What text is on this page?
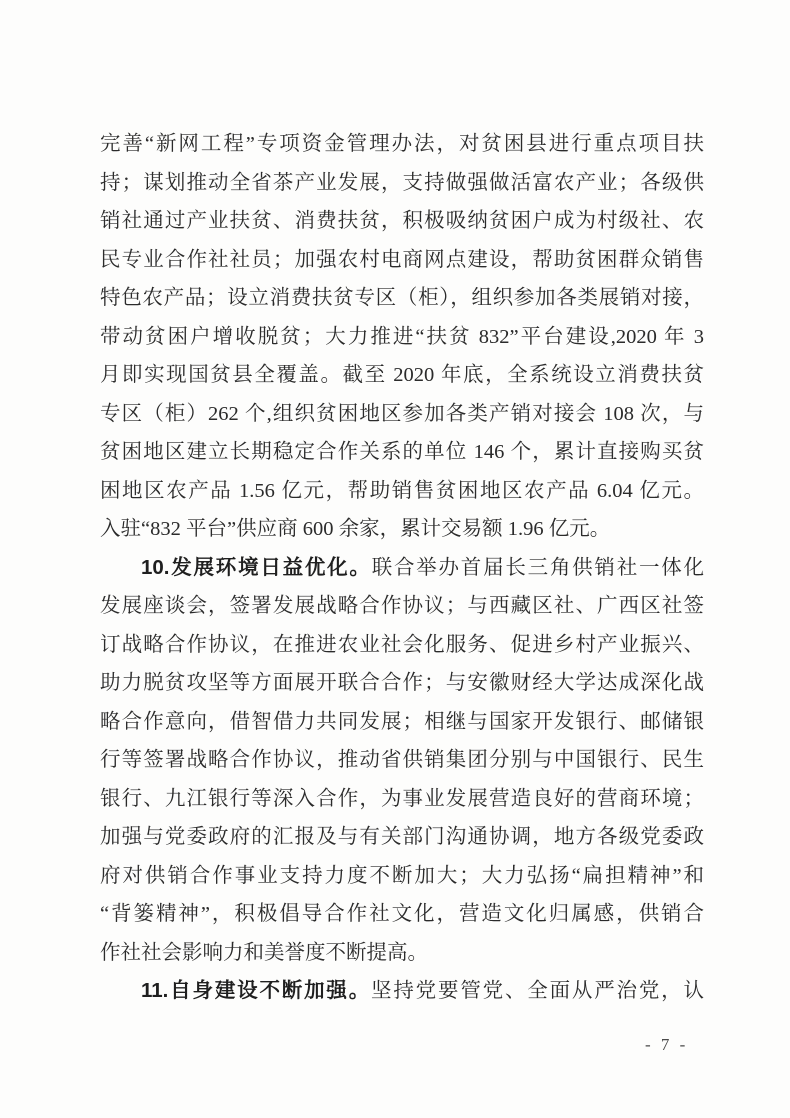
完善“新网工程”专项资金管理办法，对贫困县进行重点项目扶
持；谋划推动全省茶产业发展，支持做强做活富农产业；各级供
销社通过产业扶贫、消费扶贫，积极吸纳贫困户成为村级社、农
民专业合作社社员；加强农村电商网点建设，帮助贫困群众销售
特色农产品；设立消费扶贫专区（柜），组织参加各类展销对接，
带动贫困户增收脱贫；大力推进“扶贫 832”平台建设,2020 年 3
月即实现国贫县全覆盖。截至 2020 年底，全系统设立消费扶贫
专区（柜）262 个,组织贫困地区参加各类产销对接会 108 次，与
贫困地区建立长期稳定合作关系的单位 146 个，累计直接购买贫
困地区农产品 1.56 亿元，帮助销售贫困地区农产品 6.04 亿元。
入驻“832 平台”供应商 600 余家，累计交易额 1.96 亿元。
10.发展环境日益优化。联合举办首届长三角供销社一体化
发展座谈会，签署发展战略合作协议；与西藏区社、广西区社签
订战略合作协议，在推进农业社会化服务、促进乡村产业振兴、
助力脱贫攻坚等方面展开联合合作；与安徽财经大学达成深化战
略合作意向，借智借力共同发展；相继与国家开发银行、邮储银
行等签署战略合作协议，推动省供销集团分别与中国银行、民生
银行、九江银行等深入合作，为事业发展营造良好的营商环境；
加强与党委政府的汇报及与有关部门沟通协调，地方各级党委政
府对供销合作事业支持力度不断加大；大力弘扬“扁担精神”和
“背篓精神”，积极倡导合作社文化，营造文化归属感，供销合
作社社会影响力和美誉度不断提高。
11.自身建设不断加强。坚持党要管党、全面从严治党，认
- 7 -
